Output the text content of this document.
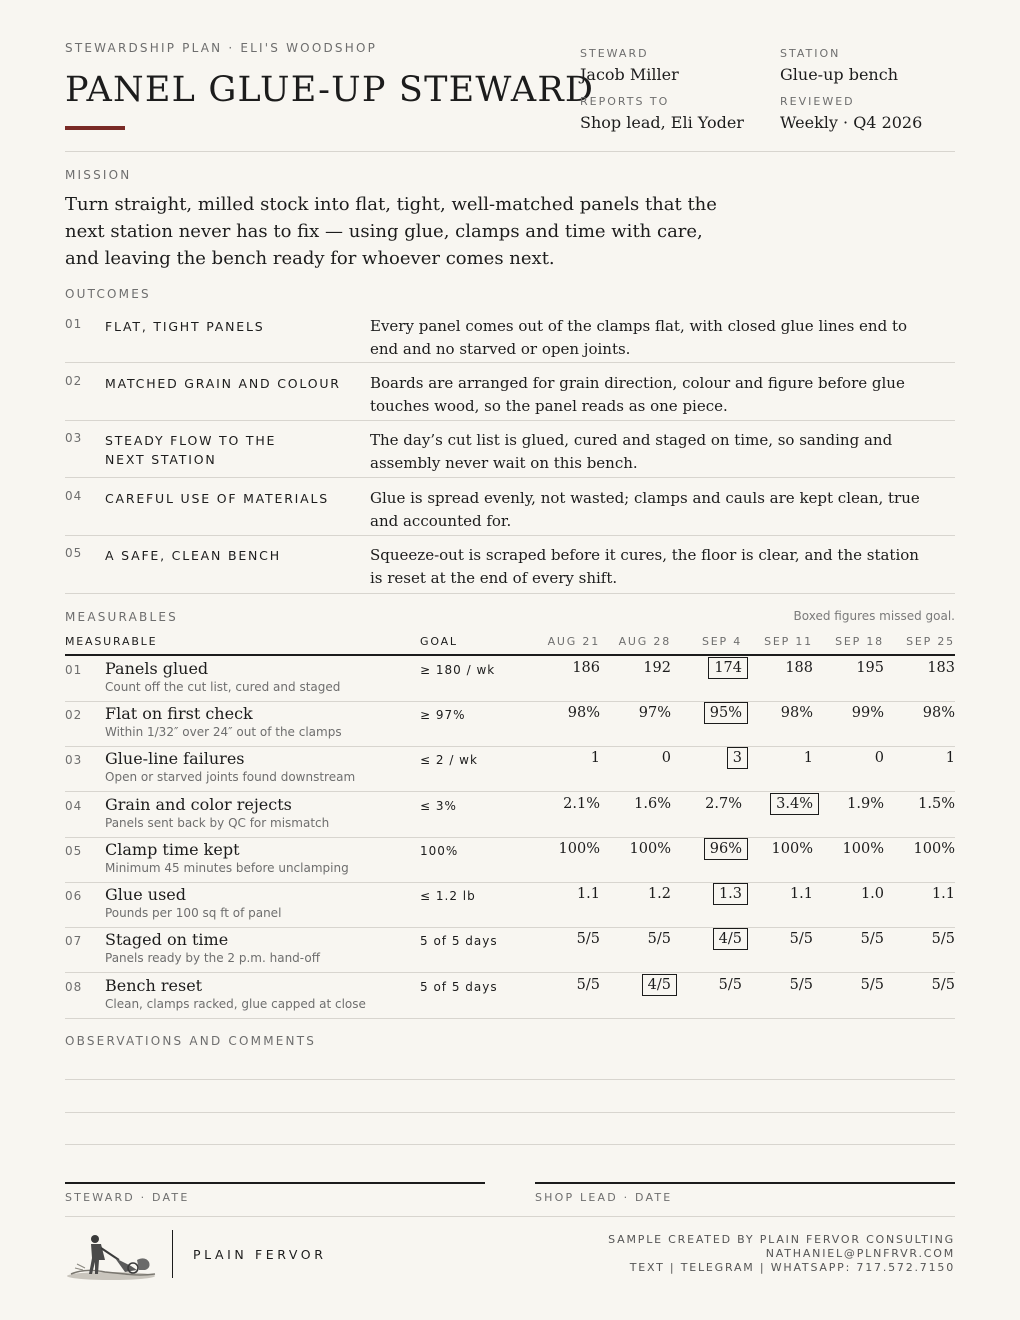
STEWARDSHIP PLAN · ELI'S WOODSHOP
PANEL GLUE-UP STEWARD
STEWARD
Jacob Miller
STATION
Glue-up bench
REPORTS TO
Shop lead, Eli Yoder
REVIEWED
Weekly · Q4 2026
MISSION

Turn straight, milled stock into flat, tight, well-matched panels that the next station never has to fix — using glue, clamps and time with care, and leaving the bench ready for whoever comes next.

OUTCOMES
01 FLAT, TIGHT PANELS	Every panel comes out of the clamps flat, with closed glue lines end to end and no starved or open joints.
02 MATCHED GRAIN AND COLOUR	Boards are arranged for grain direction, colour and figure before glue touches wood, so the panel reads as one piece.
03 STEADY FLOW TO THE NEXT STATION
The day’s cut list is glued, cured and staged on time, so sanding and assembly never wait on this bench.
04 CAREFUL USE OF MATERIALS	Glue is spread evenly, not wasted; clamps and cauls are kept clean, true and accounted for.
05 A SAFE, CLEAN BENCH	Squeeze-out is scraped before it cures, the floor is clear, and the station is reset at the end of every shift.
MEASURABLES	Boxed figures missed goal.
MEASURABLE	GOAL	AUG 21	AUG 28	SEP 4	SEP 11	SEP 18	SEP 25
01 Panels glued
Count off the cut list, cured and staged
≥ 180 / wk	186	192	174	188	195	183
02 Flat on first check
Within 1/32″ over 24″ out of the clamps
≥ 97%	98%	97%	95%	98%	99%	98%
03 Glue-line failures
Open or starved joints found downstream
≤ 2 / wk	1	0	3	1	0	1
04 Grain and color rejects
Panels sent back by QC for mismatch
≤ 3%	2.1%	1.6%	2.7%	3.4%	1.9%	1.5%
05 Clamp time kept
Minimum 45 minutes before unclamping
100%	100%	100%	96%	100%	100%	100%
06 Glue used
Pounds per 100 sq ft of panel
≤ 1.2 lb	1.1	1.2	1.3	1.1	1.0	1.1
07 Staged on time
Panels ready by the 2 p.m. hand-off
5 of 5 days	5/5	5/5	4/5	5/5	5/5	5/5
08 Bench reset
Clean, clamps racked, glue capped at close
5 of 5 days	5/5	4/5	5/5	5/5	5/5	5/5
OBSERVATIONS AND COMMENTS
STEWARD · DATE	SHOP LEAD · DATE
PLAIN FERVOR
SAMPLE CREATED BY PLAIN FERVOR CONSULTING
NATHANIEL@PLNFRVR.COM
TEXT | TELEGRAM | WHATSAPP: 717.572.7150
